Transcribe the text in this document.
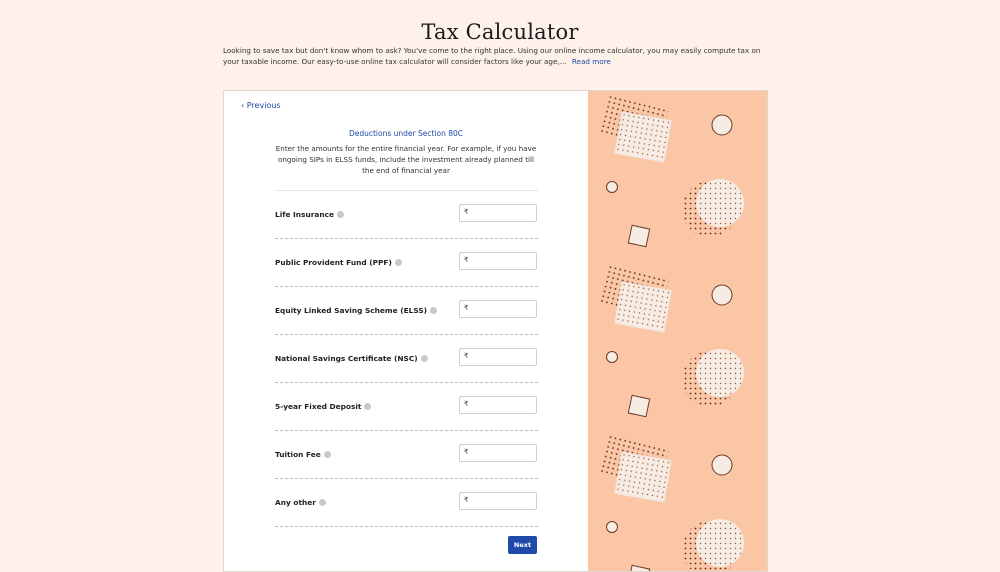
Tax Calculator
Looking to save tax but don't know whom to ask? You've come to the right place. Using our online income calculator, you may easily compute tax on your taxable income. Our easy-to-use online tax calculator will consider factors like your age,... Read more
‹ Previous
Deductions under Section 80C
Enter the amounts for the entire financial year. For example, if you have ongoing SIPs in ELSS funds, include the investment already planned till the end of financial year
Life Insurance	₹
Public Provident Fund (PPF)	₹
Equity Linked Saving Scheme (ELSS)	₹
National Savings Certificate (NSC)	₹
5-year Fixed Deposit	₹
Tuition Fee	₹
Any other	₹
Next
